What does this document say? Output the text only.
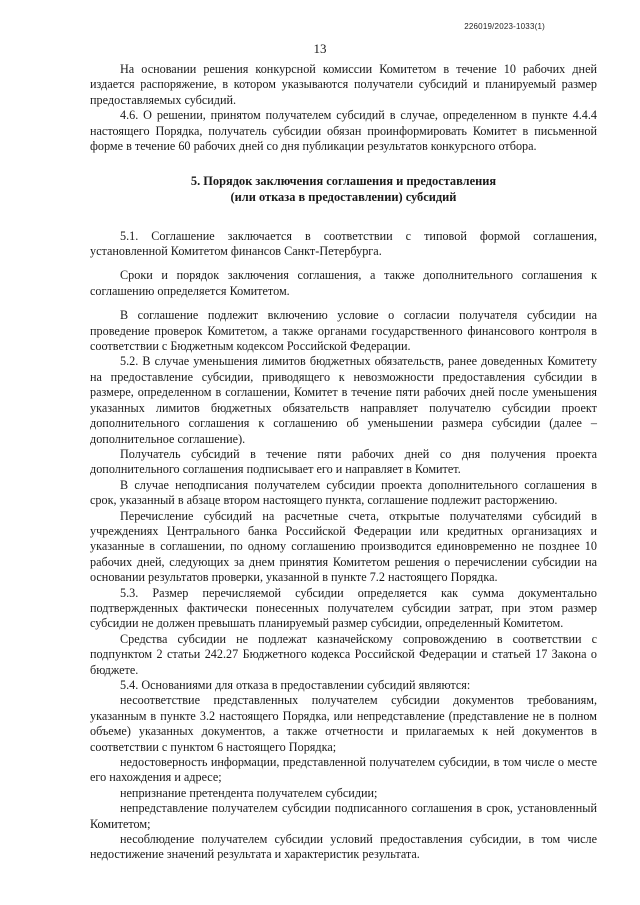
226019/2023-1033(1)
13

На основании решения конкурсной комиссии Комитетом в течение 10 рабочих дней издается распоряжение, в котором указываются получатели субсидий и планируемый размер предоставляемых субсидий.

4.6. О решении, принятом получателем субсидий в случае, определенном в пункте 4.4.4 настоящего Порядка, получатель субсидии обязан проинформировать Комитет в письменной форме в течение 60 рабочих дней со дня публикации результатов конкурсного отбора.

5. Порядок заключения соглашения и предоставления
(или отказа в предоставлении) субсидий

5.1. Соглашение заключается в соответствии с типовой формой соглашения, установленной Комитетом финансов Санкт-Петербурга.

Сроки и порядок заключения соглашения, а также дополнительного соглашения к соглашению определяется Комитетом.

В соглашение подлежит включению условие о согласии получателя субсидии на проведение проверок Комитетом, а также органами государственного финансового контроля в соответствии с Бюджетным кодексом Российской Федерации.

5.2. В случае уменьшения лимитов бюджетных обязательств, ранее доведенных Комитету на предоставление субсидии, приводящего к невозможности предоставления субсидии в размере, определенном в соглашении, Комитет в течение пяти рабочих дней после уменьшения указанных лимитов бюджетных обязательств направляет получателю субсидии проект дополнительного соглашения к соглашению об уменьшении размера субсидии (далее – дополнительное соглашение).

Получатель субсидий в течение пяти рабочих дней со дня получения проекта дополнительного соглашения подписывает его и направляет в Комитет.

В случае неподписания получателем субсидии проекта дополнительного соглашения в срок, указанный в абзаце втором настоящего пункта, соглашение подлежит расторжению.

Перечисление субсидий на расчетные счета, открытые получателями субсидий в учреждениях Центрального банка Российской Федерации или кредитных организациях и указанные в соглашении, по одному соглашению производится единовременно не позднее 10 рабочих дней, следующих за днем принятия Комитетом решения о перечислении субсидии на основании результатов проверки, указанной в пункте 7.2 настоящего Порядка.

5.3. Размер перечисляемой субсидии определяется как сумма документально подтвержденных фактически понесенных получателем субсидии затрат, при этом размер субсидии не должен превышать планируемый размер субсидии, определенный Комитетом.

Средства субсидии не подлежат казначейскому сопровождению в соответствии с подпунктом 2 статьи 242.27 Бюджетного кодекса Российской Федерации и статьей 17 Закона о бюджете.

5.4. Основаниями для отказа в предоставлении субсидий являются:

несоответствие представленных получателем субсидии документов требованиям, указанным в пункте 3.2 настоящего Порядка, или непредставление (представление не в полном объеме) указанных документов, а также отчетности и прилагаемых к ней документов в соответствии с пунктом 6 настоящего Порядка;

недостоверность информации, представленной получателем субсидии, в том числе о месте его нахождения и адресе;

непризнание претендента получателем субсидии;

непредставление получателем субсидии подписанного соглашения в срок, установленный Комитетом;

несоблюдение получателем субсидии условий предоставления субсидии, в том числе недостижение значений результата и характеристик результата.
